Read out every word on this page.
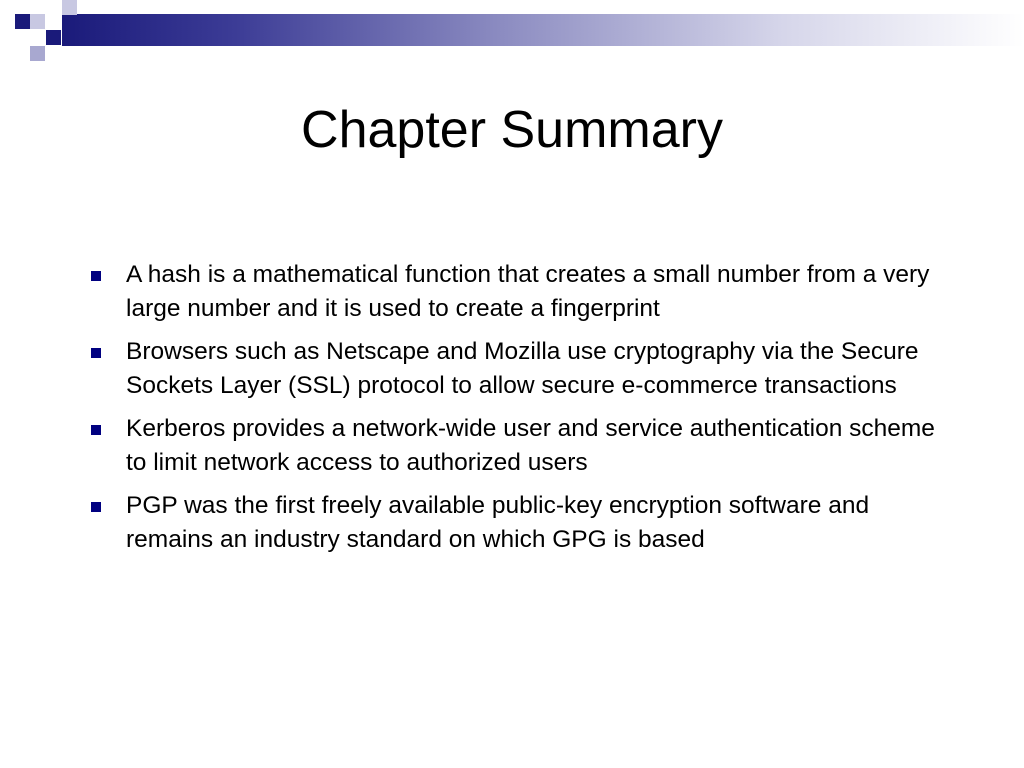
Chapter Summary
A hash is a mathematical function that creates a small number from a very large number and it is used to create a fingerprint
Browsers such as Netscape and Mozilla use cryptography via the Secure Sockets Layer (SSL) protocol to allow secure e-commerce transactions
Kerberos provides a network-wide user and service authentication scheme to limit network access to authorized users
PGP was the first freely available public-key encryption software and remains an industry standard on which GPG is based
